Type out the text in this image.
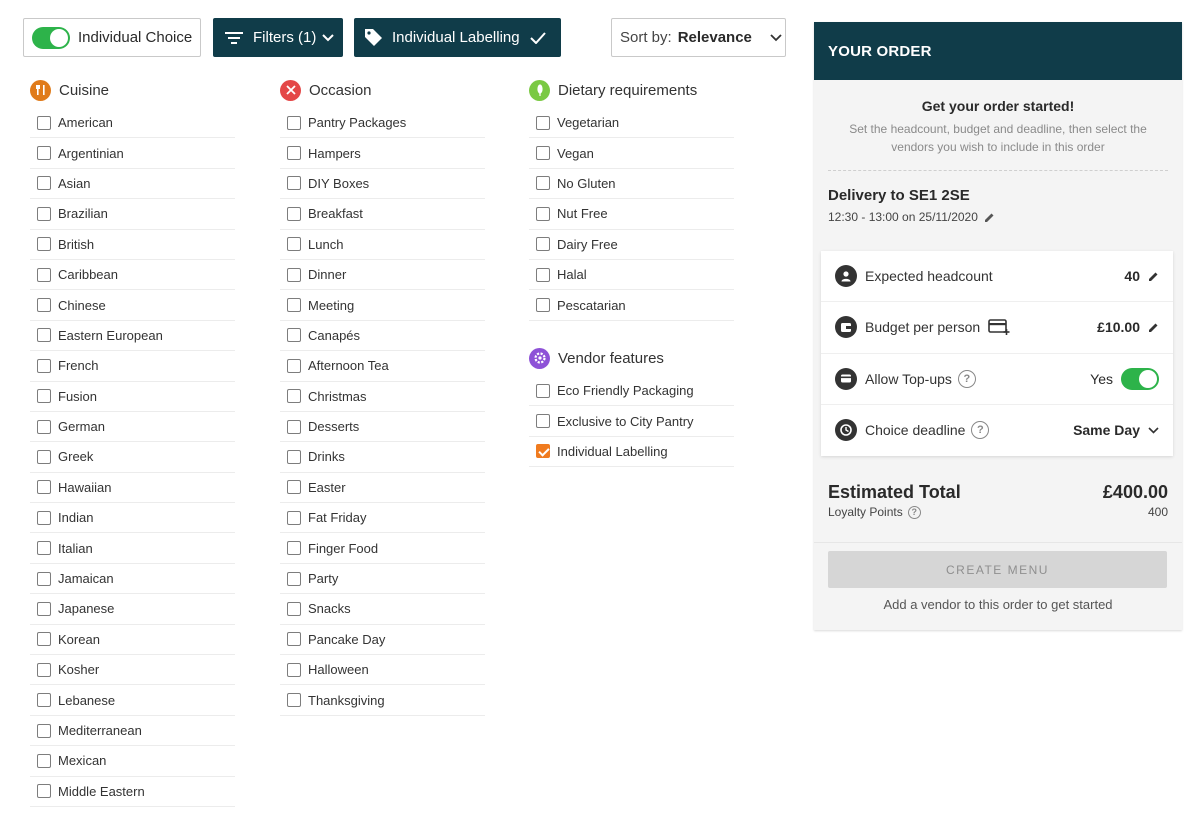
Individual Choice	Filters (1)	Individual Labelling	Sort by: Relevance
Cuisine
American
Argentinian
Asian
Brazilian
British
Caribbean
Chinese
Eastern European
French
Fusion
German
Greek
Hawaiian
Indian
Italian
Jamaican
Japanese
Korean
Kosher
Lebanese
Mediterranean
Mexican
Middle Eastern
Occasion
Pantry Packages
Hampers
DIY Boxes
Breakfast
Lunch
Dinner
Meeting
Canapés
Afternoon Tea
Christmas
Desserts
Drinks
Easter
Fat Friday
Finger Food
Party
Snacks
Pancake Day
Halloween
Thanksgiving
Dietary requirements
Vegetarian
Vegan
No Gluten
Nut Free
Dairy Free
Halal
Pescatarian
Vendor features
Eco Friendly Packaging
Exclusive to City Pantry
Individual Labelling
YOUR ORDER
Get your order started!
Set the headcount, budget and deadline, then select the vendors you wish to include in this order
Delivery to SE1 2SE
12:30 - 13:00 on 25/11/2020
Expected headcount	40
Budget per person	£10.00
Allow Top-ups	?	Yes
Choice deadline	?	Same Day
Estimated Total	£400.00
Loyalty Points ?	400
CREATE MENU
Add a vendor to this order to get started
